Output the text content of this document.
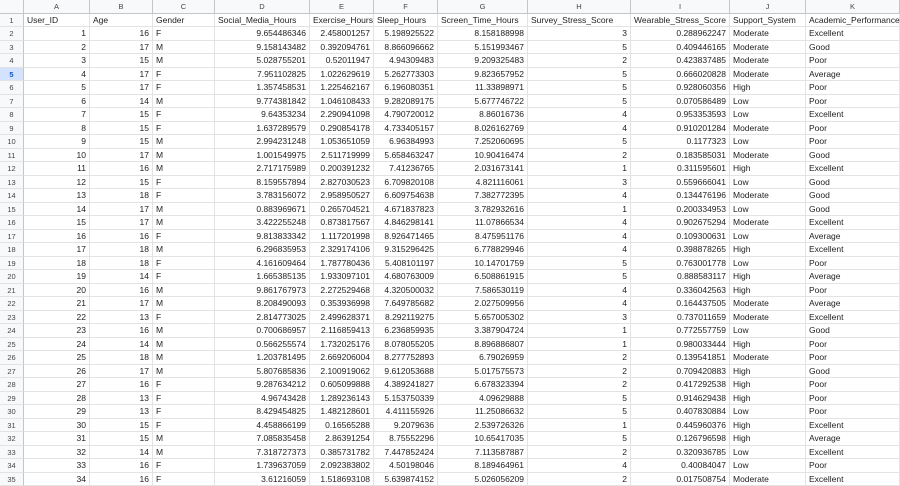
A	B	C	D	E	F	G	H	I	J	K
1	User_ID	Age	Gender	Social_Media_Hours	Exercise_Hours Sleep_Hours	Screen_Time_Hours	Survey_Stress_Score	Wearable_Stress_Score Support_System	Academic_Performance
2	1	16 F	9.654486346	2.458001257	5.198925522	8.158188998	3	0.288962247 Moderate	Excellent
3	2	17 M	9.158143482	0.392094761	8.866096662	5.151993467	5	0.409446165 Moderate	Good
4	3	15 M	5.028755201	0.52011947	4.94309483	9.209325483	2	0.423837485 Moderate	Poor
5	4	17 F	7.951102825	1.022629619	5.262773303	9.823657952	5	0.666020828 Moderate	Average
6	5	17 F	1.357458531	1.225462167	6.196080351	11.33898971	5	0.928060356 High	Poor
7	6	14 M	9.774381842	1.046108433	9.282089175	5.677746722	5	0.070586489 Low	Poor
8	7	15 F	9.64353234	2.290941098	4.790720012	8.86016736	4	0.953353593 Low	Excellent
9	8	15 F	1.637289579	0.290854178	4.733405157	8.026162769	4	0.910201284 Moderate	Poor
10	9	15 M	2.994231248	1.053651059	6.96384993	7.252060695	5	0.1177323 Low	Poor
11	10	17 M	1.001549975	2.511719999	5.658463247	10.90416474	2	0.183585031 Moderate	Good
12	11	16 M	2.717175989	0.200391232	7.41236765	2.031673141	1	0.311595601 High	Excellent
13	12	15 F	8.159557894	2.827030523	6.709820108	4.821116061	3	0.559666041 Low	Good
14	13	18 F	3.783156072	2.958950527	6.609754638	7.382772395	4	0.134476196 Moderate	Good
15	14	17 M	0.883969671	0.265704521	4.671837823	3.782932616	1	0.200334953 Low	Good
16	15	17 M	3.422255248	0.873817567	4.846298141	11.07866534	4	0.902675294 Moderate	Excellent
17	16	16 F	9.813833342	1.117201998	8.926471465	8.475951176	4	0.109300631 Low	Average
18	17	18 M	6.296835953	2.329174106	9.315296425	6.778829946	4	0.398878265 High	Excellent
19	18	18 F	4.161609464	1.787780436	5.408101197	10.14701759	5	0.763001778 Low	Poor
20	19	14 F	1.665385135	1.933097101	4.680763009	6.508861915	5	0.888583117 High	Average
21	20	16 M	9.861767973	2.272529468	4.320500032	7.586530119	4	0.336042563 High	Poor
22	21	17 M	8.208490093	0.353936998	7.649785682	2.027509956	4	0.164437505 Moderate	Average
23	22	13 F	2.814773025	2.499628371	8.292119275	5.657005302	3	0.737011659 Moderate	Excellent
24	23	16 M	0.700686957	2.116859413	6.236859935	3.387904724	1	0.772557759 Low	Good
25	24	14 M	0.566255574	1.732025176	8.078055205	8.896886807	1	0.980033444 High	Poor
26	25	18 M	1.203781495	2.669206004	8.277752893	6.79026959	2	0.139541851 Moderate	Poor
27	26	17 M	5.807685836	2.100919062	9.612053688	5.017575573	2	0.709420883 High	Good
28	27	16 F	9.287634212	0.605099888	4.389241827	6.678323394	2	0.417292538 High	Poor
29	28	13 F	4.96743428	1.289236143	5.153750339	4.09629888	5	0.914629438 High	Poor
30	29	13 F	8.429454825	1.482128601	4.411155926	11.25086632	5	0.407830884 Low	Poor
31	30	15 F	4.458866199	0.16565288	9.2079636	2.539726326	1	0.445960376 High	Excellent
32	31	15 M	7.085835458	2.86391254	8.75552296	10.65417035	5	0.126796598 High	Average
33	32	14 M	7.318727373	0.385731782	7.447852424	7.113587887	2	0.320936785 Low	Excellent
34	33	16 F	1.739637059	2.092383802	4.50198046	8.189464961	4	0.40084047 Low	Poor
35	34	16 F	3.61216059	1.518693108	5.639874152	5.026056209	2	0.017508754 Moderate	Excellent
